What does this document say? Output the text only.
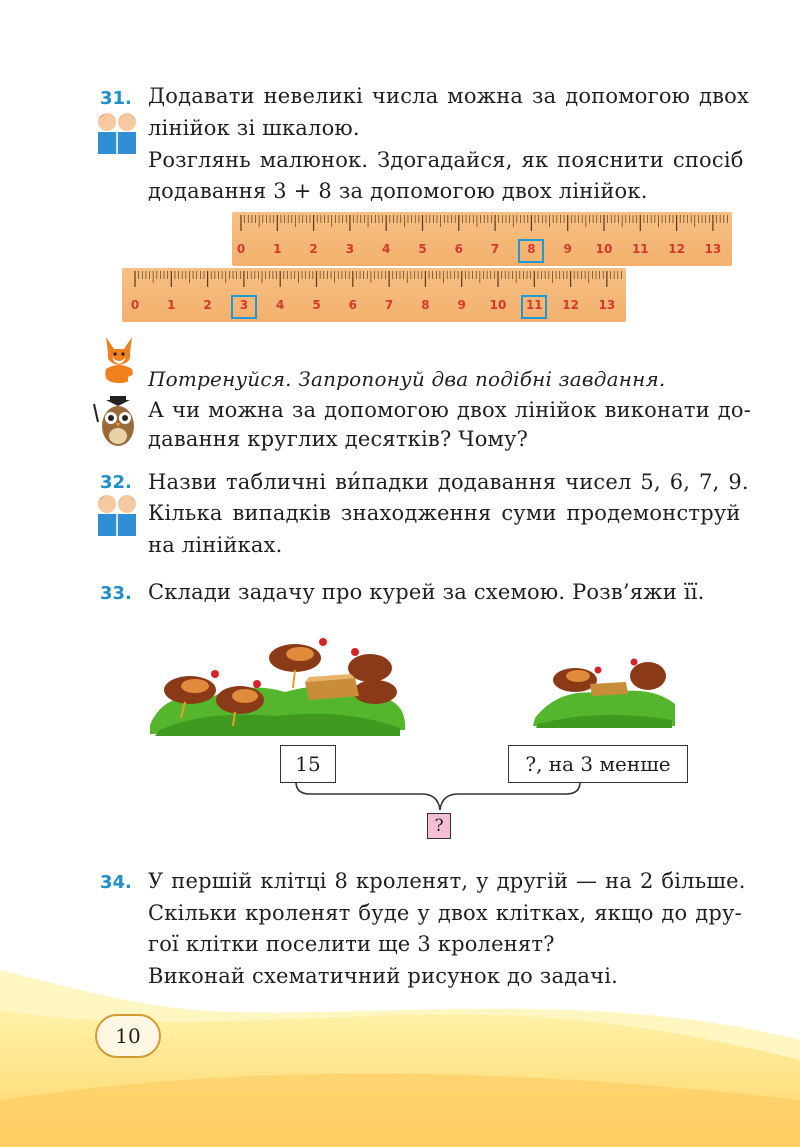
31. Додавати невеликі числа можна за допомогою двох
лінійок зі шкалою.
Розглянь малюнок. Здогадайся, як пояснити спосіб
додавання 3 + 8 за допомогою двох лінійок.
Потренуйся. Запропонуй два подібні завдання.
А чи можна за допомогою двох лінійок виконати до-
давання круглих десятків? Чому?
32. Назви табличні ви́падки додавання чисел 5, 6, 7, 9.
Кілька випадків знаходження суми продемонструй
на лінійках.
33. Склади задачу про курей за схемою. Розв’яжи її.
15	?, на 3 менше
?
34. У першій клітці 8 кроленят, у другій — на 2 більше.
Скільки кроленят буде у двох клітках, якщо до дру-
гої клітки поселити ще 3 кроленят?
Виконай схематичний рисунок до задачі.
10
0 1 2 3 4 5 6 7 8 9 10 11 12 13
0 1 2 3 4 5 6 7 8 9 10 11 12 13
